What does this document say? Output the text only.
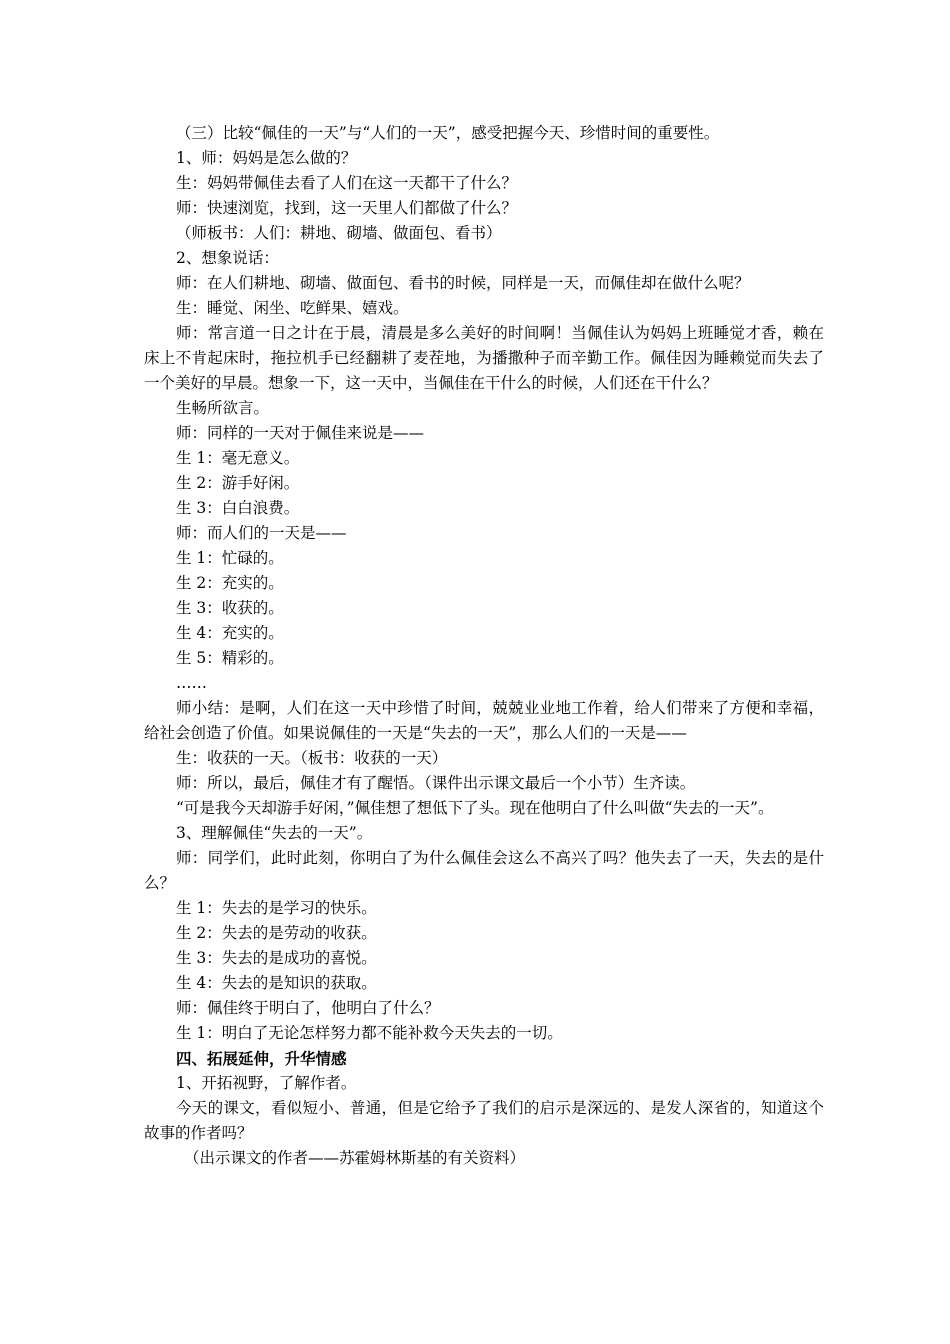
（三）比较“佩佳的一天”与“人们的一天”，感受把握今天、珍惜时间的重要性。
1、师：妈妈是怎么做的？
生：妈妈带佩佳去看了人们在这一天都干了什么？
师：快速浏览，找到，这一天里人们都做了什么？
（师板书：人们：耕地、砌墙、做面包、看书）
2、想象说话：
师：在人们耕地、砌墙、做面包、看书的时候，同样是一天，而佩佳却在做什么呢？
生：睡觉、闲坐、吃鲜果、嬉戏。
师：常言道一日之计在于晨，清晨是多么美好的时间啊！当佩佳认为妈妈上班睡觉才香，赖在床上不肯起床时，拖拉机手已经翻耕了麦茬地，为播撒种子而辛勤工作。佩佳因为睡赖觉而失去了一个美好的早晨。想象一下，这一天中，当佩佳在干什么的时候，人们还在干什么？
生畅所欲言。
师：同样的一天对于佩佳来说是——
生 1：毫无意义。
生 2：游手好闲。
生 3：白白浪费。
师：而人们的一天是——
生 1：忙碌的。
生 2：充实的。
生 3：收获的。
生 4：充实的。
生 5：精彩的。
……
师小结：是啊，人们在这一天中珍惜了时间，兢兢业业地工作着，给人们带来了方便和幸福，给社会创造了价值。如果说佩佳的一天是“失去的一天”，那么人们的一天是——
生：收获的一天。（板书：收获的一天）
师：所以，最后，佩佳才有了醒悟。（课件出示课文最后一个小节）生齐读。
“可是我今天却游手好闲，”佩佳想了想低下了头。现在他明白了什么叫做“失去的一天”。
3、理解佩佳“失去的一天”。
师：同学们，此时此刻，你明白了为什么佩佳会这么不高兴了吗？他失去了一天，失去的是什么？
生 1：失去的是学习的快乐。
生 2：失去的是劳动的收获。
生 3：失去的是成功的喜悦。
生 4：失去的是知识的获取。
师：佩佳终于明白了，他明白了什么？
生 1：明白了无论怎样努力都不能补救今天失去的一切。
四、拓展延伸，升华情感
1、开拓视野，了解作者。
今天的课文，看似短小、普通，但是它给予了我们的启示是深远的、是发人深省的，知道这个故事的作者吗？
（出示课文的作者——苏霍姆林斯基的有关资料）
